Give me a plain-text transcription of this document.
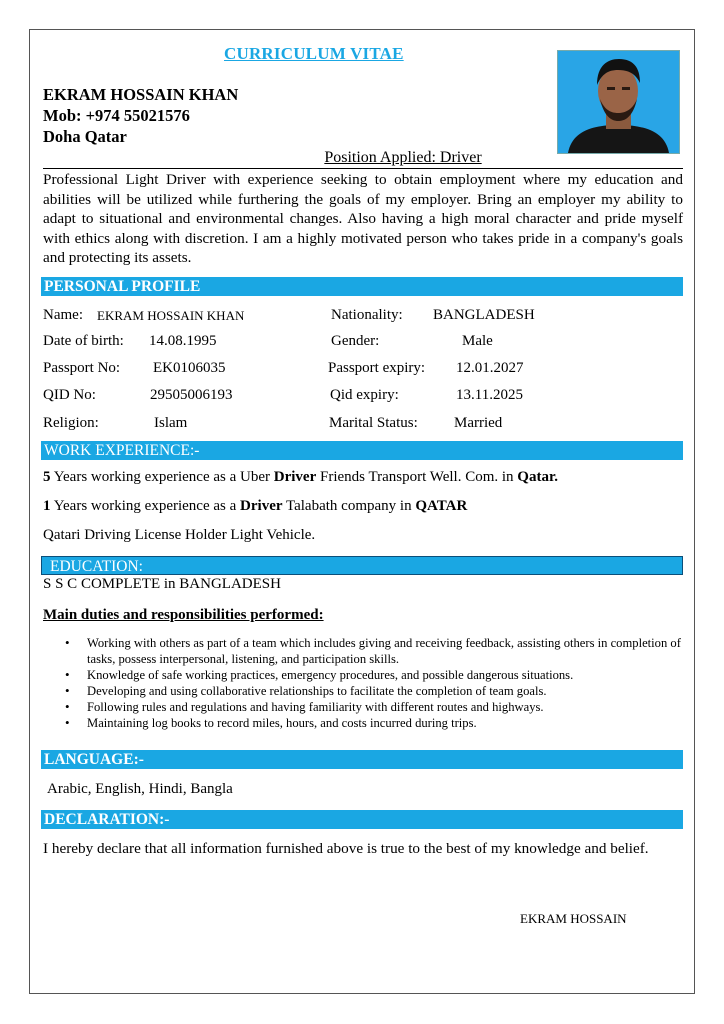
CURRICULUM VITAE
EKRAM HOSSAIN KHAN
Mob: +974 55021576
Doha Qatar
Position Applied: Driver
Professional Light Driver with experience seeking to obtain employment where my education and abilities will be utilized while furthering the goals of my employer. Bring an employer my ability to adapt to situational and environmental changes. Also having a high moral character and pride myself with ethics along with discretion. I am a highly motivated person who takes pride in a company's goals and protecting its assets.
PERSONAL PROFILE
Name: EKRAM HOSSAIN KHAN	Nationality: BANGLADESH
Date of birth: 14.08.1995	Gender:	Male
Passport No: EK0106035	Passport expiry: 12.01.2027
QID No:	29505006193	Qid expiry:	13.11.2025
Religion:	Islam	Marital Status: Married
WORK EXPERIENCE:-
5 Years working experience as a Uber Driver Friends Transport Well. Com. in Qatar.
1 Years working experience as a Driver Talabath company in QATAR
Qatari Driving License Holder Light Vehicle.
EDUCATION:
S S C COMPLETE in BANGLADESH
Main duties and responsibilities performed:
• Working with others as part of a team which includes giving and receiving feedback, assisting others in completion of tasks, possess interpersonal, listening, and participation skills.
• Knowledge of safe working practices, emergency procedures, and possible dangerous situations.
• Developing and using collaborative relationships to facilitate the completion of team goals.
• Following rules and regulations and having familiarity with different routes and highways.
• Maintaining log books to record miles, hours, and costs incurred during trips.
LANGUAGE:-
Arabic, English, Hindi, Bangla
DECLARATION:-
I hereby declare that all information furnished above is true to the best of my knowledge and belief.
EKRAM HOSSAIN
